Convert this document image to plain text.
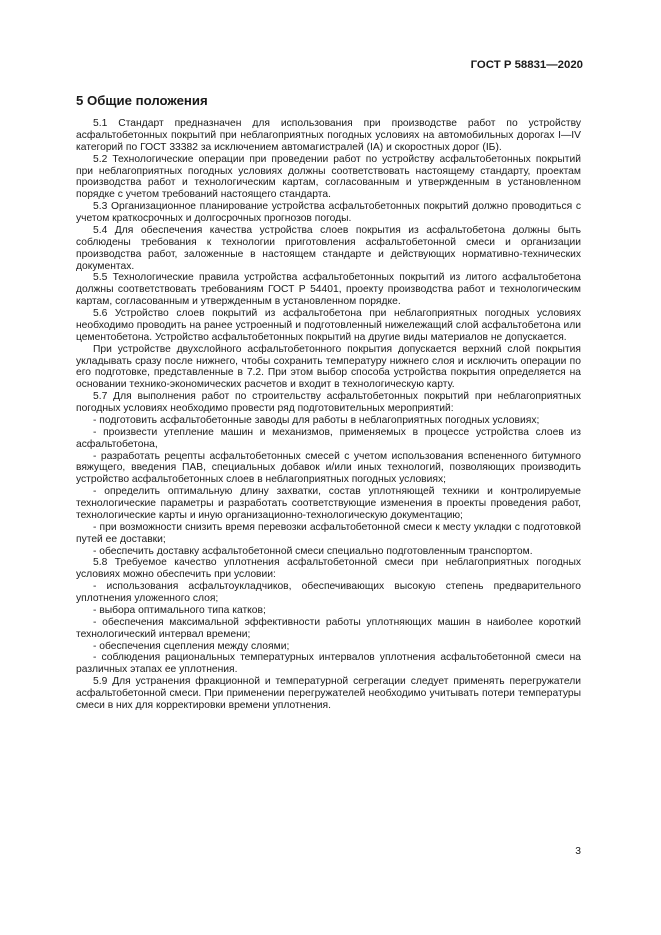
ГОСТ Р 58831—2020
5 Общие положения

5.1 Стандарт предназначен для использования при производстве работ по устройству асфальтобетонных покрытий при неблагоприятных погодных условиях на автомобильных дорогах I—IV категорий по ГОСТ 33382 за исключением автомагистралей (IA) и скоростных дорог (IБ).

5.2 Технологические операции при проведении работ по устройству асфальтобетонных покрытий при неблагоприятных погодных условиях должны соответствовать настоящему стандарту, проектам производства работ и технологическим картам, согласованным и утвержденным в установленном порядке с учетом требований настоящего стандарта.

5.3 Организационное планирование устройства асфальтобетонных покрытий должно проводиться с учетом краткосрочных и долгосрочных прогнозов погоды.

5.4 Для обеспечения качества устройства слоев покрытия из асфальтобетона должны быть соблюдены требования к технологии приготовления асфальтобетонной смеси и организации производства работ, заложенные в настоящем стандарте и действующих нормативно-технических документах.

5.5 Технологические правила устройства асфальтобетонных покрытий из литого асфальтобетона должны соответствовать требованиям ГОСТ Р 54401, проекту производства работ и технологическим картам, согласованным и утвержденным в установленном порядке.

5.6 Устройство слоев покрытий из асфальтобетона при неблагоприятных погодных условиях необходимо проводить на ранее устроенный и подготовленный нижележащий слой асфальтобетона или цементобетона. Устройство асфальтобетонных покрытий на другие виды материалов не допускается.

При устройстве двухслойного асфальтобетонного покрытия допускается верхний слой покрытия укладывать сразу после нижнего, чтобы сохранить температуру нижнего слоя и исключить операции по его подготовке, представленные в 7.2. При этом выбор способа устройства покрытия определяется на основании технико-экономических расчетов и входит в технологическую карту.

5.7 Для выполнения работ по строительству асфальтобетонных покрытий при неблагоприятных погодных условиях необходимо провести ряд подготовительных мероприятий:

- подготовить асфальтобетонные заводы для работы в неблагоприятных погодных условиях;

- произвести утепление машин и механизмов, применяемых в процессе устройства слоев из асфальтобетона,

- разработать рецепты асфальтобетонных смесей с учетом использования вспененного битумного вяжущего, введения ПАВ, специальных добавок и/или иных технологий, позволяющих производить устройство асфальтобетонных слоев в неблагоприятных погодных условиях;

- определить оптимальную длину захватки, состав уплотняющей техники и контролируемые технологические параметры и разработать соответствующие изменения в проекты проведения работ, технологические карты и иную организационно-технологическую документацию;

- при возможности снизить время перевозки асфальтобетонной смеси к месту укладки с подготовкой путей ее доставки;

- обеспечить доставку асфальтобетонной смеси специально подготовленным транспортом.

5.8 Требуемое качество уплотнения асфальтобетонной смеси при неблагоприятных погодных условиях можно обеспечить при условии:

- использования асфальтоукладчиков, обеспечивающих высокую степень предварительного уплотнения уложенного слоя;

- выбора оптимального типа катков;

- обеспечения максимальной эффективности работы уплотняющих машин в наиболее короткий технологический интервал времени;

- обеспечения сцепления между слоями;

- соблюдения рациональных температурных интервалов уплотнения асфальтобетонной смеси на различных этапах ее уплотнения.

5.9 Для устранения фракционной и температурной сегрегации следует применять перегружатели асфальтобетонной смеси. При применении перегружателей необходимо учитывать потери температуры смеси в них для корректировки времени уплотнения.

3
